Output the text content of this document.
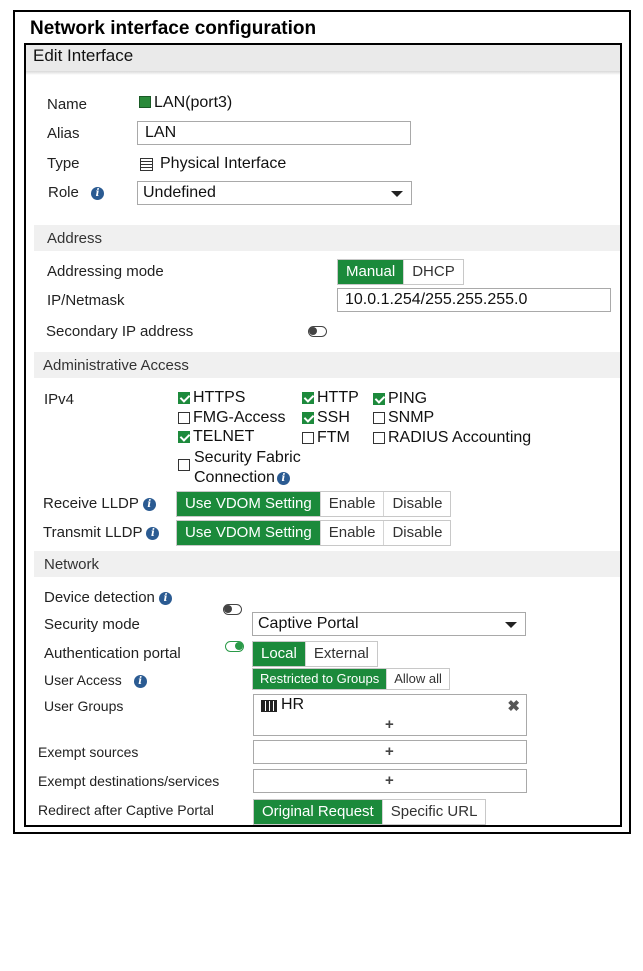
Network interface configuration
Edit Interface
Name	LAN(port3)
Alias
LAN
Type	Physical Interface
Role i	Undefined
Address
Addressing mode	Manual	DHCP
IP/Netmask
10.0.1.254/255.255.255.0
Secondary IP address
Administrative Access
IPv4	HTTPS	HTTP PING
FMG-Access SSH SNMP
TELNET	FTM RADIUS Accounting
Security Fabric
Connection i
Receive LLDP i	Use VDOM Setting	Enable	Disable
Transmit LLDP i	Use VDOM Setting	Enable	Disable
Network
Device detection i
Security mode	Captive Portal
Authentication portal	Local	External
User Access i	Restricted to Groups	Allow all
User Groups	HR	✖
+
Exempt sources	+
Exempt destinations/services	+
Redirect after Captive Portal	Original Request	Specific URL
